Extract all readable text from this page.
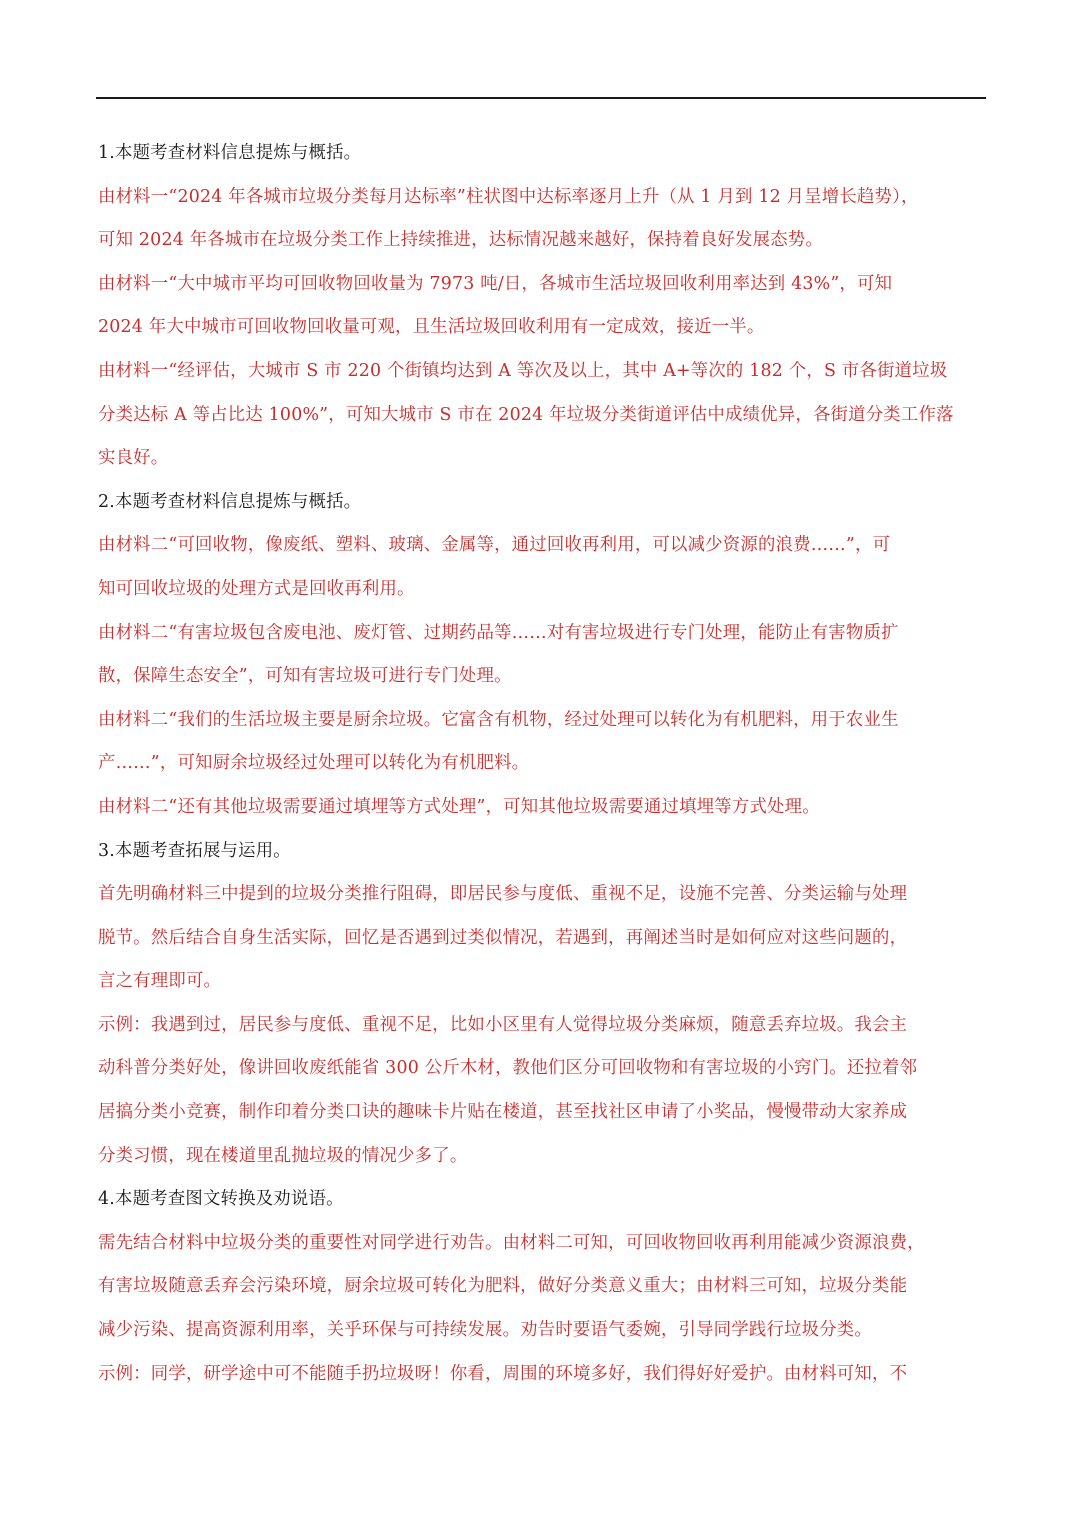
1.本题考查材料信息提炼与概括。
由材料一“2024 年各城市垃圾分类每月达标率”柱状图中达标率逐月上升（从 1 月到 12 月呈增长趋势），
可知 2024 年各城市在垃圾分类工作上持续推进，达标情况越来越好，保持着良好发展态势。
由材料一“大中城市平均可回收物回收量为 7973 吨/日，各城市生活垃圾回收利用率达到 43%”，可知
2024 年大中城市可回收物回收量可观，且生活垃圾回收利用有一定成效，接近一半。
由材料一“经评估，大城市 S 市 220 个街镇均达到 A 等次及以上，其中 A+等次的 182 个，S 市各街道垃圾
分类达标 A 等占比达 100%”，可知大城市 S 市在 2024 年垃圾分类街道评估中成绩优异，各街道分类工作落
实良好。
2.本题考查材料信息提炼与概括。
由材料二“可回收物，像废纸、塑料、玻璃、金属等，通过回收再利用，可以减少资源的浪费……”，可
知可回收垃圾的处理方式是回收再利用。
由材料二“有害垃圾包含废电池、废灯管、过期药品等……对有害垃圾进行专门处理，能防止有害物质扩
散，保障生态安全”，可知有害垃圾可进行专门处理。
由材料二“我们的生活垃圾主要是厨余垃圾。它富含有机物，经过处理可以转化为有机肥料，用于农业生
产……”，可知厨余垃圾经过处理可以转化为有机肥料。
由材料二“还有其他垃圾需要通过填埋等方式处理”，可知其他垃圾需要通过填埋等方式处理。
3.本题考查拓展与运用。
首先明确材料三中提到的垃圾分类推行阻碍，即居民参与度低、重视不足，设施不完善、分类运输与处理
脱节。然后结合自身生活实际，回忆是否遇到过类似情况，若遇到，再阐述当时是如何应对这些问题的，
言之有理即可。
示例：我遇到过，居民参与度低、重视不足，比如小区里有人觉得垃圾分类麻烦，随意丢弃垃圾。我会主
动科普分类好处，像讲回收废纸能省 300 公斤木材，教他们区分可回收物和有害垃圾的小窍门。还拉着邻
居搞分类小竞赛，制作印着分类口诀的趣味卡片贴在楼道，甚至找社区申请了小奖品，慢慢带动大家养成
分类习惯，现在楼道里乱抛垃圾的情况少多了。
4.本题考查图文转换及劝说语。
需先结合材料中垃圾分类的重要性对同学进行劝告。由材料二可知，可回收物回收再利用能减少资源浪费，
有害垃圾随意丢弃会污染环境，厨余垃圾可转化为肥料，做好分类意义重大；由材料三可知，垃圾分类能
减少污染、提高资源利用率，关乎环保与可持续发展。劝告时要语气委婉，引导同学践行垃圾分类。
示例：同学，研学途中可不能随手扔垃圾呀！你看，周围的环境多好，我们得好好爱护。由材料可知，不
